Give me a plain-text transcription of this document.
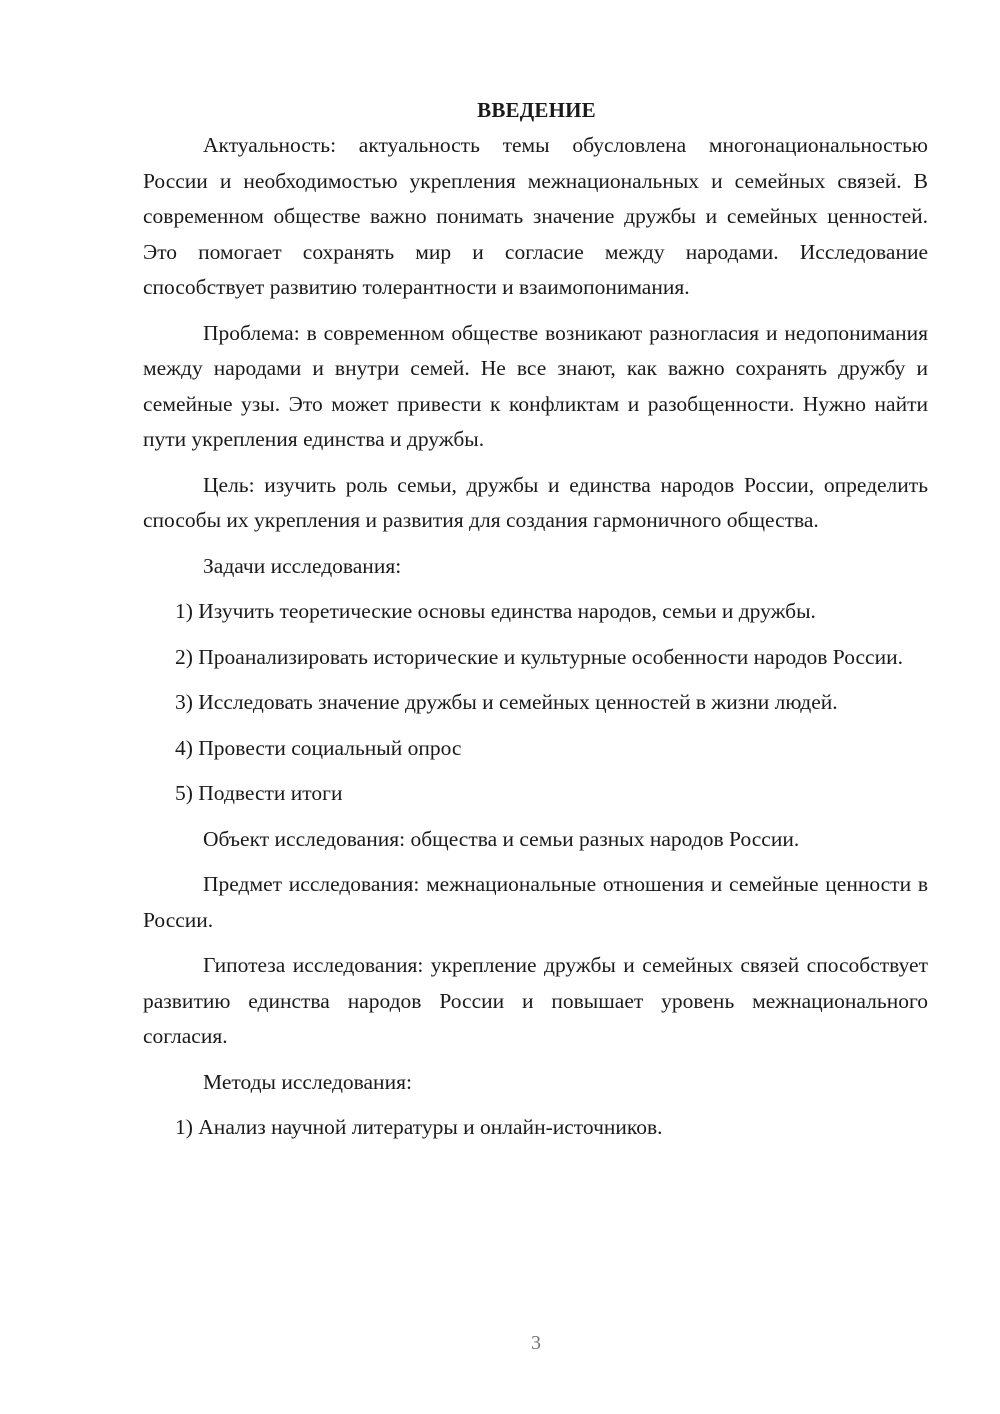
ВВЕДЕНИЕ

Актуальность: актуальность темы обусловлена многонациональностью России и необходимостью укрепления межнациональных и семейных связей. В современном обществе важно понимать значение дружбы и семейных ценностей. Это помогает сохранять мир и согласие между народами. Исследование способствует развитию толерантности и взаимопонимания.

Проблема: в современном обществе возникают разногласия и недопонимания между народами и внутри семей. Не все знают, как важно сохранять дружбу и семейные узы. Это может привести к конфликтам и разобщенности. Нужно найти пути укрепления единства и дружбы.

Цель: изучить роль семьи, дружбы и единства народов России, определить способы их укрепления и развития для создания гармоничного общества.

Задачи исследования:

1) Изучить теоретические основы единства народов, семьи и дружбы.

2) Проанализировать исторические и культурные особенности народов России.

3) Исследовать значение дружбы и семейных ценностей в жизни людей.

4) Провести социальный опрос

5) Подвести итоги

Объект исследования: общества и семьи разных народов России.

Предмет исследования: межнациональные отношения и семейные ценности в России.

Гипотеза исследования: укрепление дружбы и семейных связей способствует развитию единства народов России и повышает уровень межнационального согласия.

Методы исследования:

1) Анализ научной литературы и онлайн-источников.

3
